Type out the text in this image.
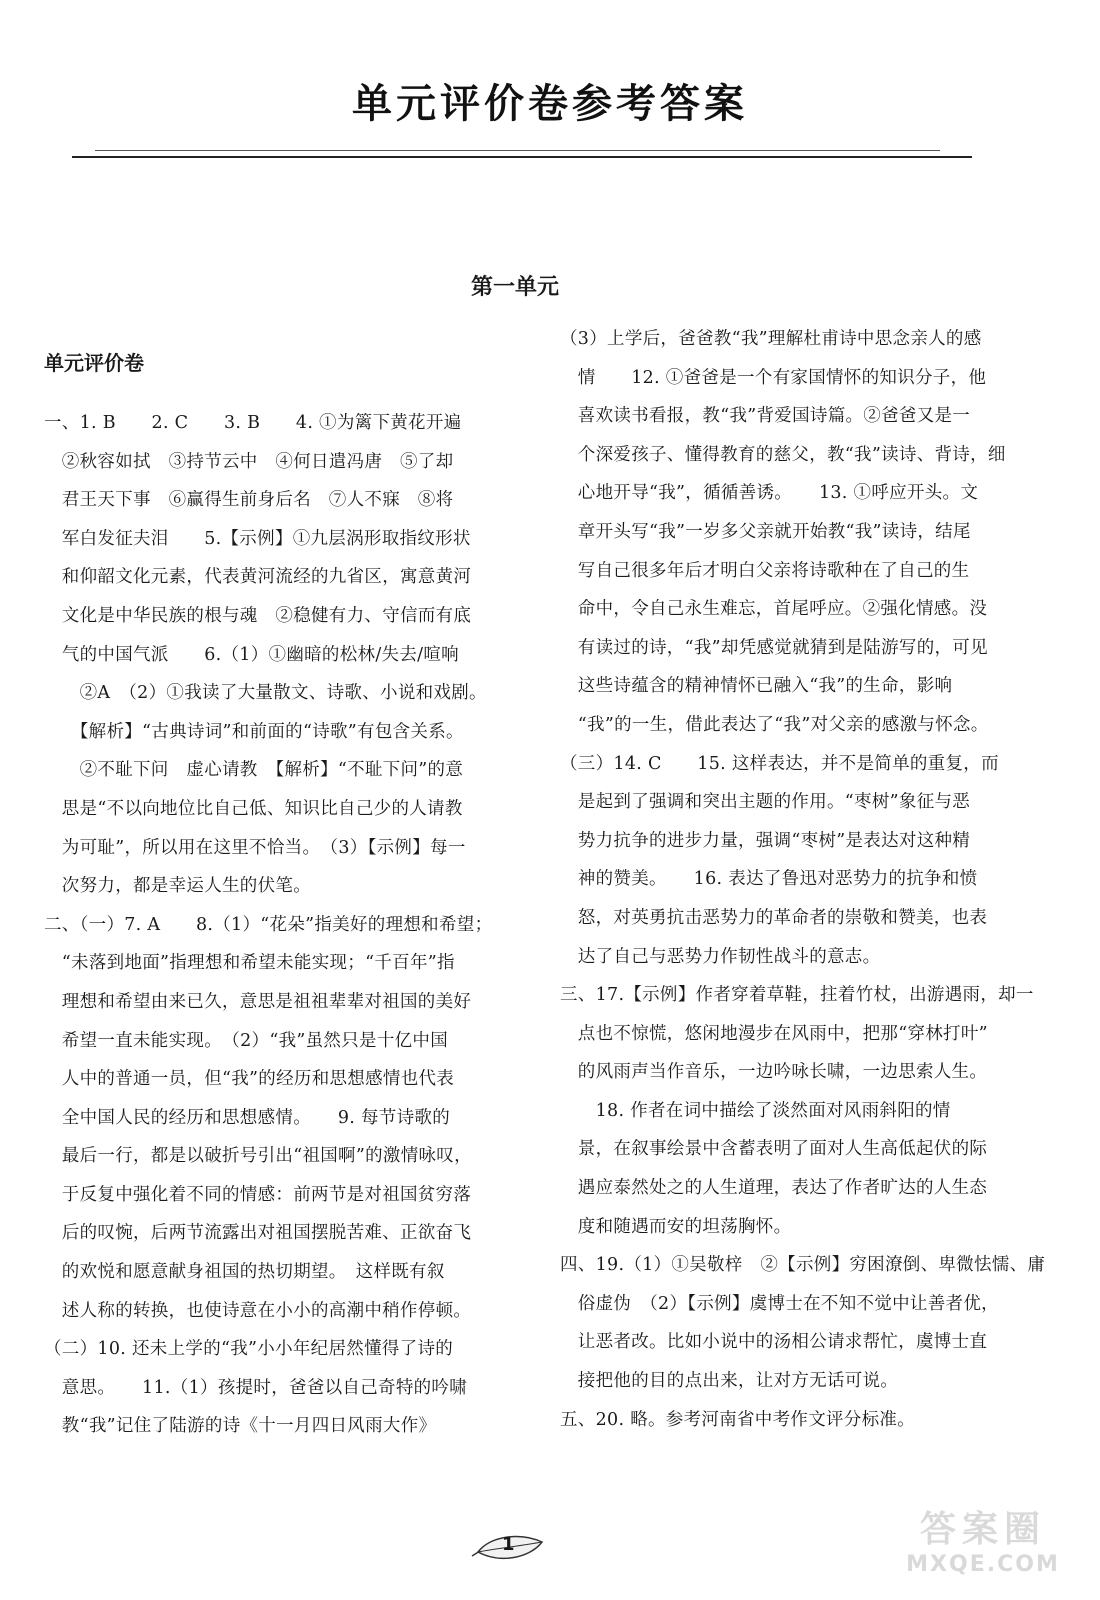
单元评价卷参考答案
第一单元
单元评价卷
一、1. B　　2. C　　3. B　　4. ①为篱下黄花开遍
　②秋容如拭　③持节云中　④何日遣冯唐　⑤了却
　君王天下事　⑥赢得生前身后名　⑦人不寐　⑧将
　军白发征夫泪　　5.【示例】①九层涡形取指纹形状
　和仰韶文化元素，代表黄河流经的九省区，寓意黄河
　文化是中华民族的根与魂　②稳健有力、守信而有底
　气的中国气派　　6.（1）①幽暗的松林/失去/喧响
　　②A　（2）①我读了大量散文、诗歌、小说和戏剧。
　　【解析】“古典诗词”和前面的“诗歌”有包含关系。
　　②不耻下问　虚心请教　【解析】“不耻下问”的意
　思是“不以向地位比自己低、知识比自己少的人请教
　为可耻”，所以用在这里不恰当。　（3）【示例】每一
　次努力，都是幸运人生的伏笔。
二、（一）7. A　　8.（1）“花朵”指美好的理想和希望；
　“未落到地面”指理想和希望未能实现；“千百年”指
　理想和希望由来已久，意思是祖祖辈辈对祖国的美好
　希望一直未能实现。　（2）“我”虽然只是十亿中国
　人中的普通一员，但“我”的经历和思想感情也代表
　全中国人民的经历和思想感情。　　9. 每节诗歌的
　最后一行，都是以破折号引出“祖国啊”的激情咏叹，
　于反复中强化着不同的情感：前两节是对祖国贫穷落
　后的叹惋，后两节流露出对祖国摆脱苦难、正欲奋飞
　的欢悦和愿意献身祖国的热切期望。　这样既有叙
　述人称的转换，也使诗意在小小的高潮中稍作停顿。
（二）10. 还未上学的“我”小小年纪居然懂得了诗的
　意思。　　11.（1）孩提时，爸爸以自己奇特的吟啸
　教“我”记住了陆游的诗《十一月四日风雨大作》
（3）上学后，爸爸教“我”理解杜甫诗中思念亲人的感
　情　　12. ①爸爸是一个有家国情怀的知识分子，他
　喜欢读书看报，教“我”背爱国诗篇。②爸爸又是一
　个深爱孩子、懂得教育的慈父，教“我”读诗、背诗，细
　心地开导“我”，循循善诱。　　13. ①呼应开头。文
　章开头写“我”一岁多父亲就开始教“我”读诗，结尾
　写自己很多年后才明白父亲将诗歌种在了自己的生
　命中，令自己永生难忘，首尾呼应。②强化情感。没
　有读过的诗，“我”却凭感觉就猜到是陆游写的，可见
　这些诗蕴含的精神情怀已融入“我”的生命，影响
　“我”的一生，借此表达了“我”对父亲的感激与怀念。
（三）14. C　　15. 这样表达，并不是简单的重复，而
　是起到了强调和突出主题的作用。“枣树”象征与恶
　势力抗争的进步力量，强调“枣树”是表达对这种精
　神的赞美。　　16. 表达了鲁迅对恶势力的抗争和愤
　怒，对英勇抗击恶势力的革命者的崇敬和赞美，也表
　达了自己与恶势力作韧性战斗的意志。
三、17.【示例】作者穿着草鞋，拄着竹杖，出游遇雨，却一
　点也不惊慌，悠闲地漫步在风雨中，把那“穿林打叶”
　的风雨声当作音乐，一边吟咏长啸，一边思索人生。
　　18. 作者在词中描绘了淡然面对风雨斜阳的情
　景，在叙事绘景中含蓄表明了面对人生高低起伏的际
　遇应泰然处之的人生道理，表达了作者旷达的人生态
　度和随遇而安的坦荡胸怀。
四、19.（1）①吴敬梓　②【示例】穷困潦倒、卑微怯懦、庸
　俗虚伪　（2）【示例】虞博士在不知不觉中让善者优，
　让恶者改。比如小说中的汤相公请求帮忙，虞博士直
　接把他的目的点出来，让对方无话可说。
五、20. 略。参考河南省中考作文评分标准。
1	答案圈
MXQE.COM
